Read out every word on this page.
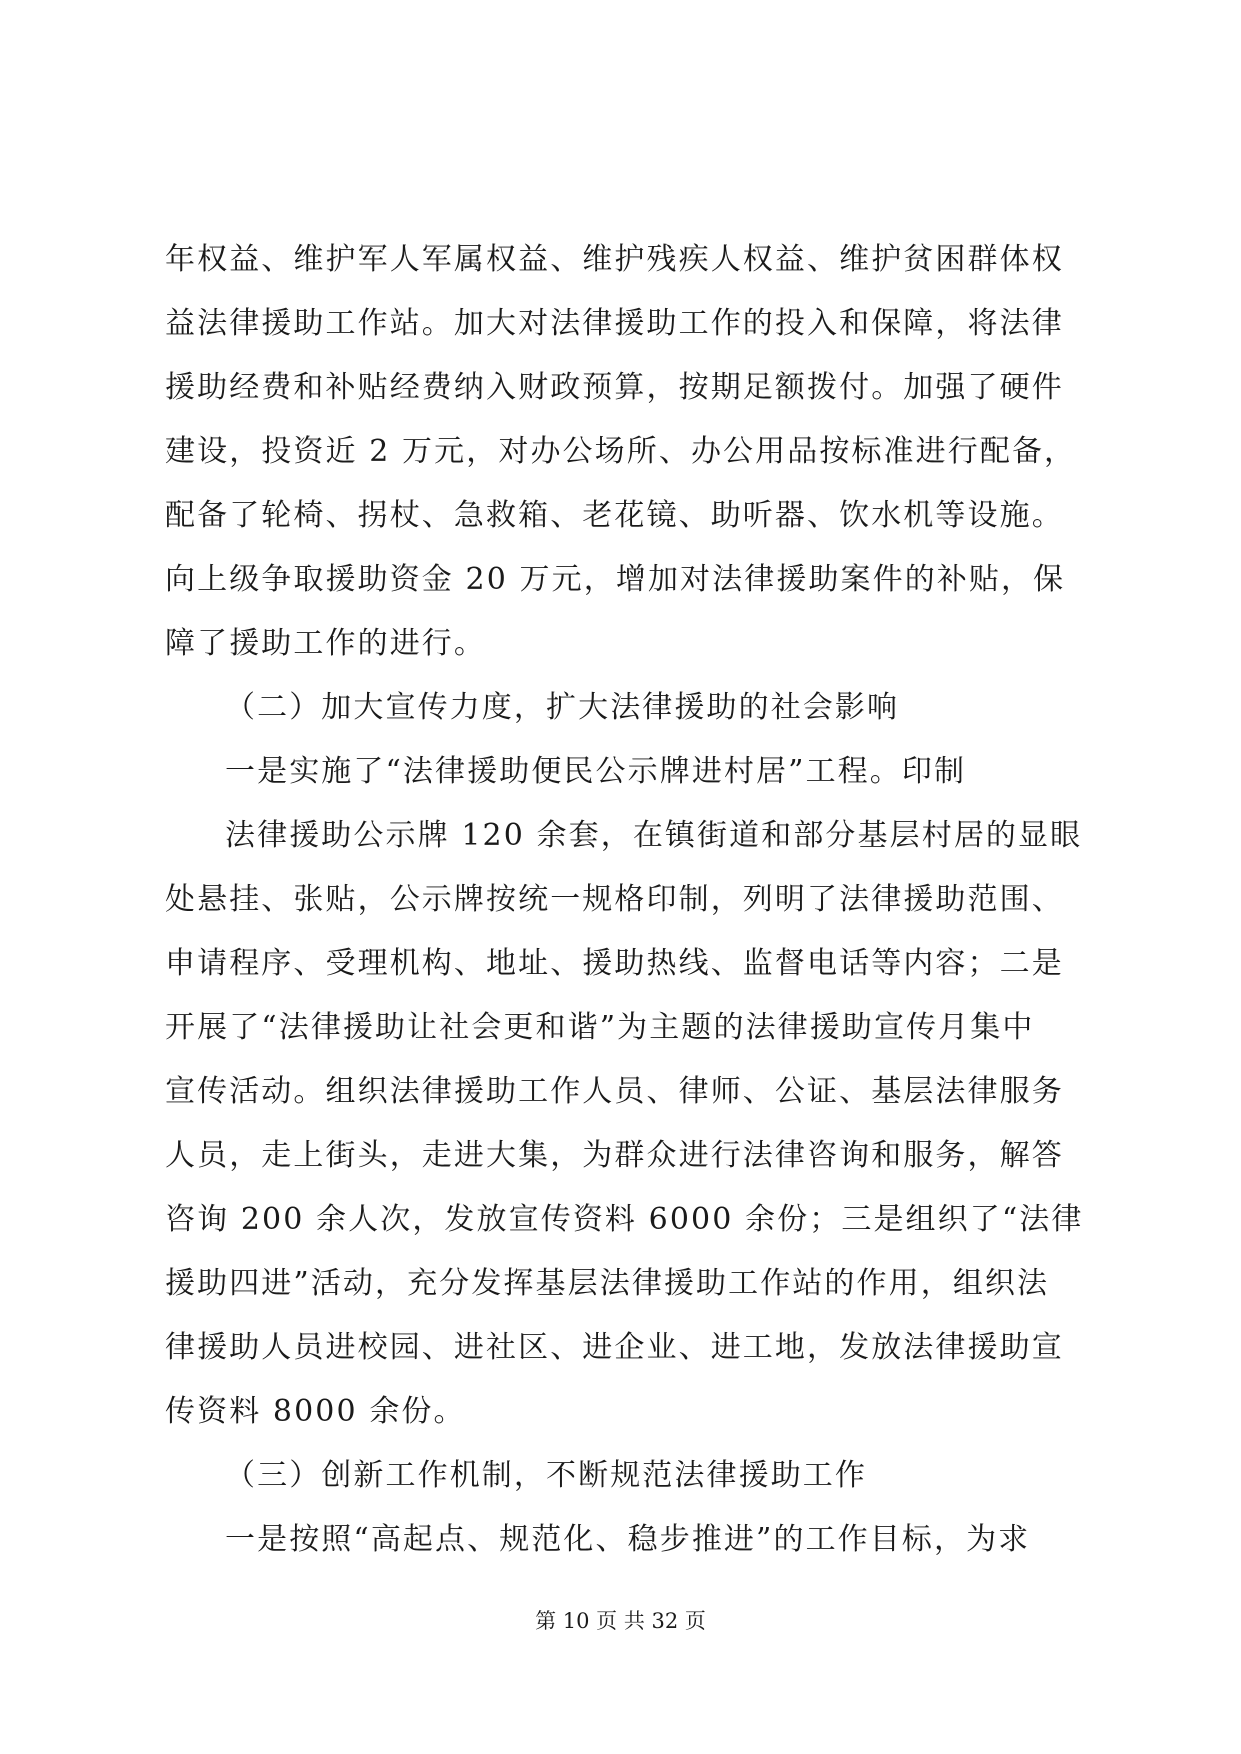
年权益、维护军人军属权益、维护残疾人权益、维护贫困群体权
益法律援助工作站。加大对法律援助工作的投入和保障，将法律
援助经费和补贴经费纳入财政预算，按期足额拨付。加强了硬件
建设，投资近 2 万元，对办公场所、办公用品按标准进行配备，
配备了轮椅、拐杖、急救箱、老花镜、助听器、饮水机等设施。
向上级争取援助资金 20 万元，增加对法律援助案件的补贴，保
障了援助工作的进行。
（二）加大宣传力度，扩大法律援助的社会影响
一是实施了“法律援助便民公示牌进村居”工程。印制
法律援助公示牌 120 余套，在镇街道和部分基层村居的显眼
处悬挂、张贴，公示牌按统一规格印制，列明了法律援助范围、
申请程序、受理机构、地址、援助热线、监督电话等内容；二是
开展了“法律援助让社会更和谐”为主题的法律援助宣传月集中
宣传活动。组织法律援助工作人员、律师、公证、基层法律服务
人员，走上街头，走进大集，为群众进行法律咨询和服务，解答
咨询 200 余人次，发放宣传资料 6000 余份；三是组织了“法律
援助四进”活动，充分发挥基层法律援助工作站的作用，组织法
律援助人员进校园、进社区、进企业、进工地，发放法律援助宣
传资料 8000 余份。
（三）创新工作机制，不断规范法律援助工作
一是按照“高起点、规范化、稳步推进”的工作目标，为求
第 10 页 共 32 页
